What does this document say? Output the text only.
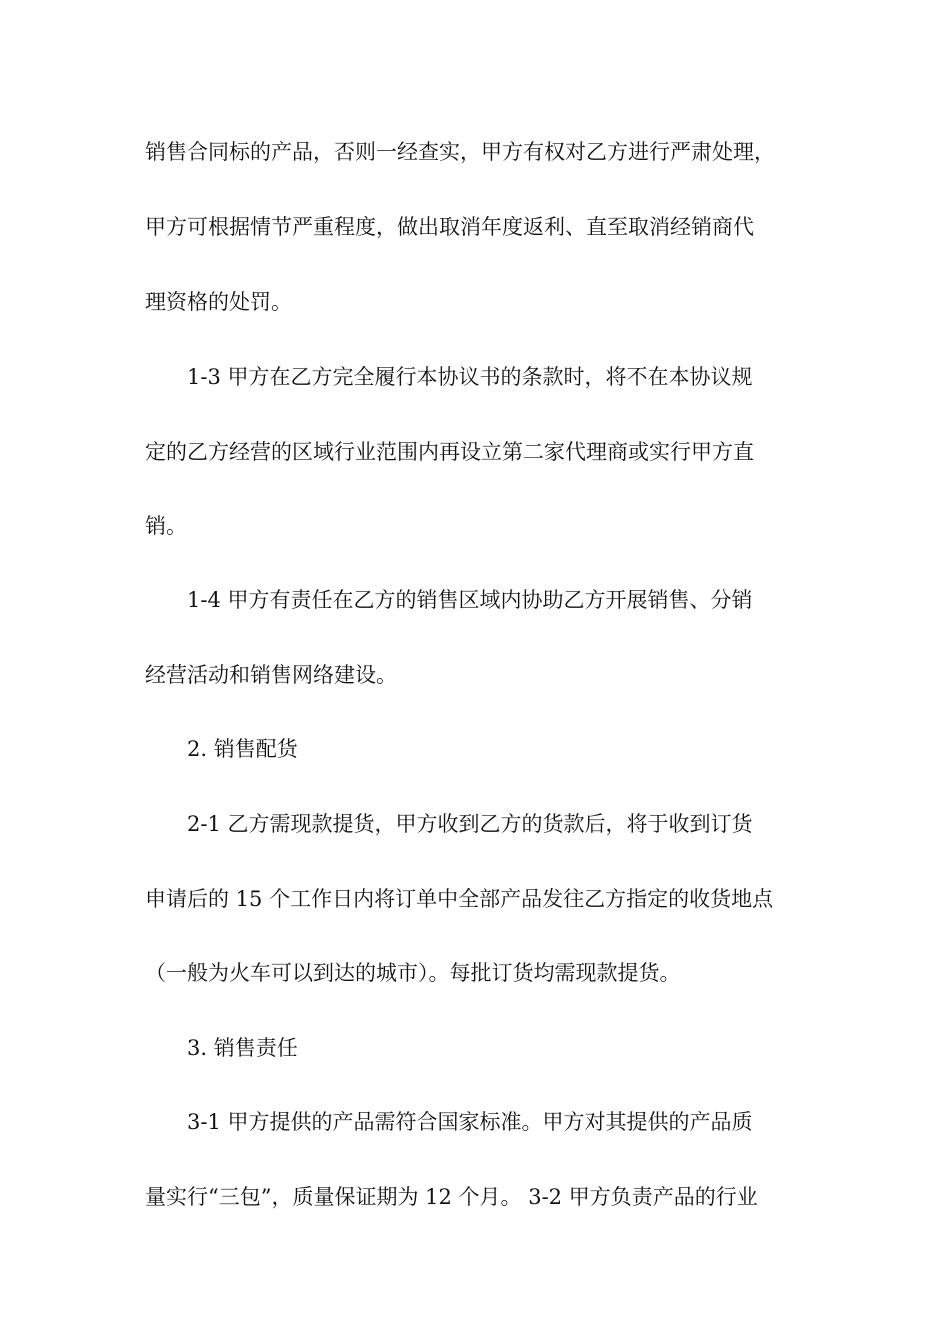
销售合同标的产品，否则一经查实，甲方有权对乙方进行严肃处理，
甲方可根据情节严重程度，做出取消年度返利、直至取消经销商代
理资格的处罚。
1-3 甲方在乙方完全履行本协议书的条款时，将不在本协议规
定的乙方经营的区域行业范围内再设立第二家代理商或实行甲方直
销。
1-4 甲方有责任在乙方的销售区域内协助乙方开展销售、分销
经营活动和销售网络建设。
2. 销售配货
2-1 乙方需现款提货，甲方收到乙方的货款后，将于收到订货
申请后的 15 个工作日内将订单中全部产品发往乙方指定的收货地点
（一般为火车可以到达的城市）。每批订货均需现款提货。
3. 销售责任
3-1 甲方提供的产品需符合国家标准。甲方对其提供的产品质
量实行“三包”，质量保证期为 12 个月。 3-2 甲方负责产品的行业
